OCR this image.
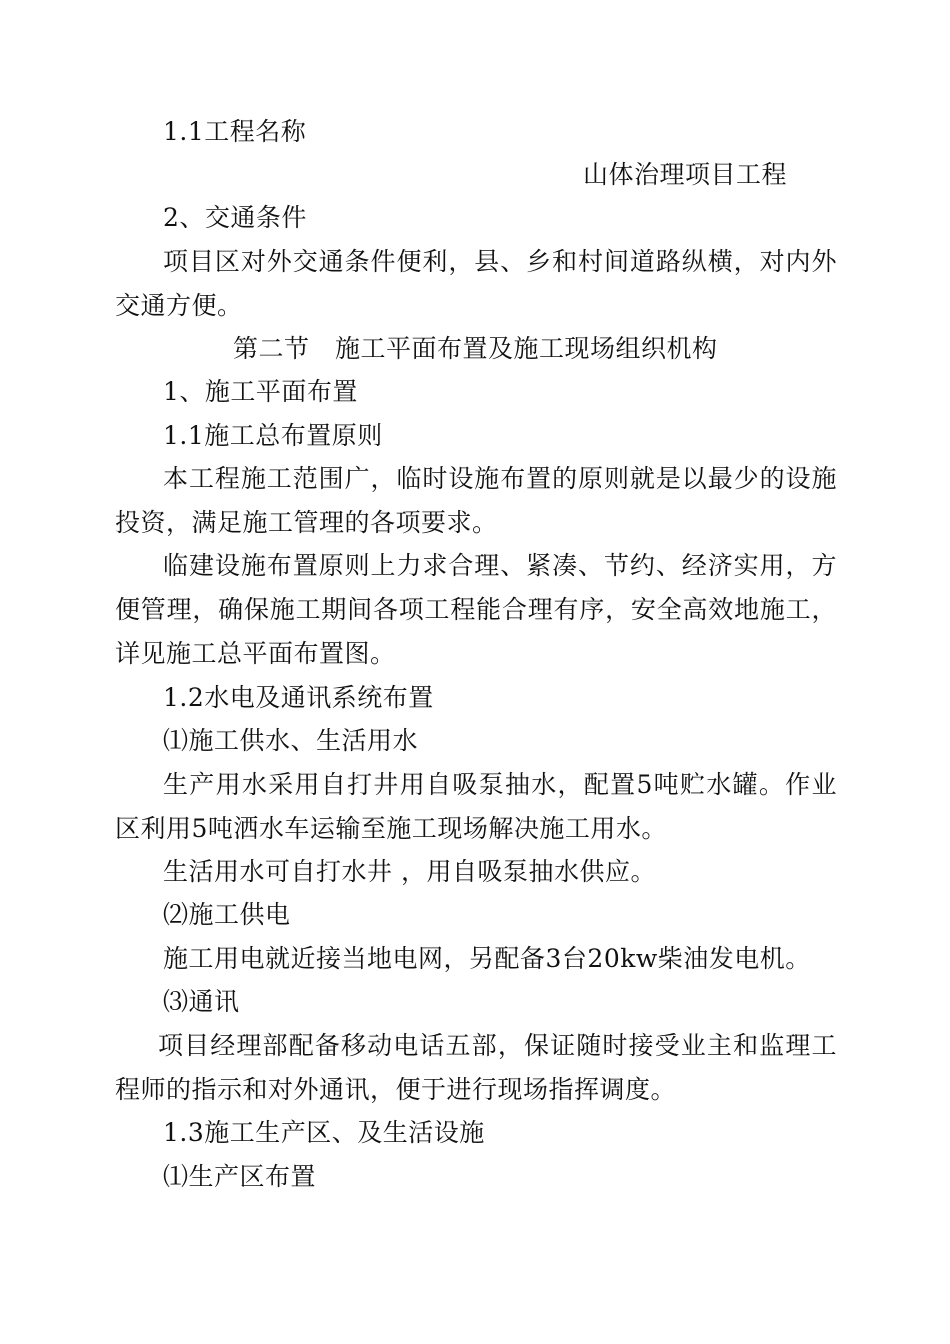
1.1工程名称
山体治理项目工程
2、交通条件
项目区对外交通条件便利，县、乡和村间道路纵横，对内外交通方便。
第二节　施工平面布置及施工现场组织机构
1、施工平面布置
1.1施工总布置原则
本工程施工范围广，临时设施布置的原则就是以最少的设施投资，满足施工管理的各项要求。
临建设施布置原则上力求合理、紧凑、节约、经济实用，方便管理，确保施工期间各项工程能合理有序，安全高效地施工，详见施工总平面布置图。
1.2水电及通讯系统布置
⑴施工供水、生活用水
生产用水采用自打井用自吸泵抽水，配置5吨贮水罐。作业区利用5吨洒水车运输至施工现场解决施工用水。
生活用水可自打水井 ，用自吸泵抽水供应。
⑵施工供电
施工用电就近接当地电网，另配备3台20kw柴油发电机。
⑶通讯
项目经理部配备移动电话五部，保证随时接受业主和监理工程师的指示和对外通讯，便于进行现场指挥调度。
1.3施工生产区、及生活设施
⑴生产区布置
